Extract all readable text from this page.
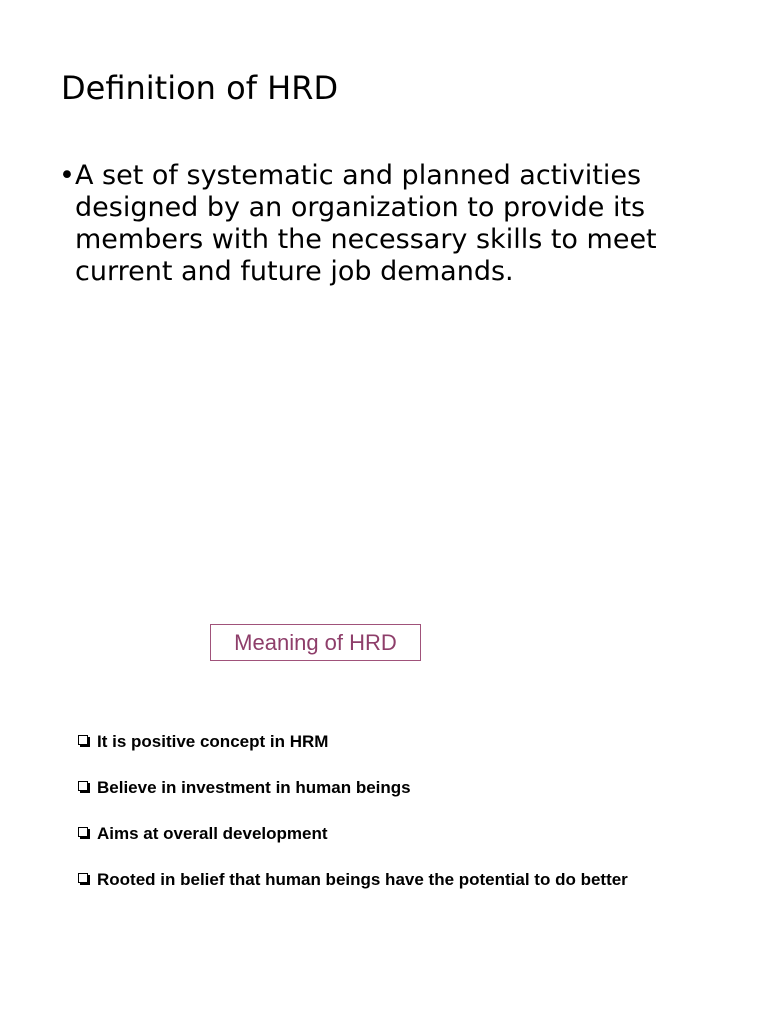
Definition of HRD
• A set of systematic and planned activities designed by an organization to provide its members with the necessary skills to meet current and future job demands.
Meaning of HRD
It is positive concept in HRM
Believe in investment in human beings
Aims at overall development
Rooted in belief that human beings have the potential to do better
